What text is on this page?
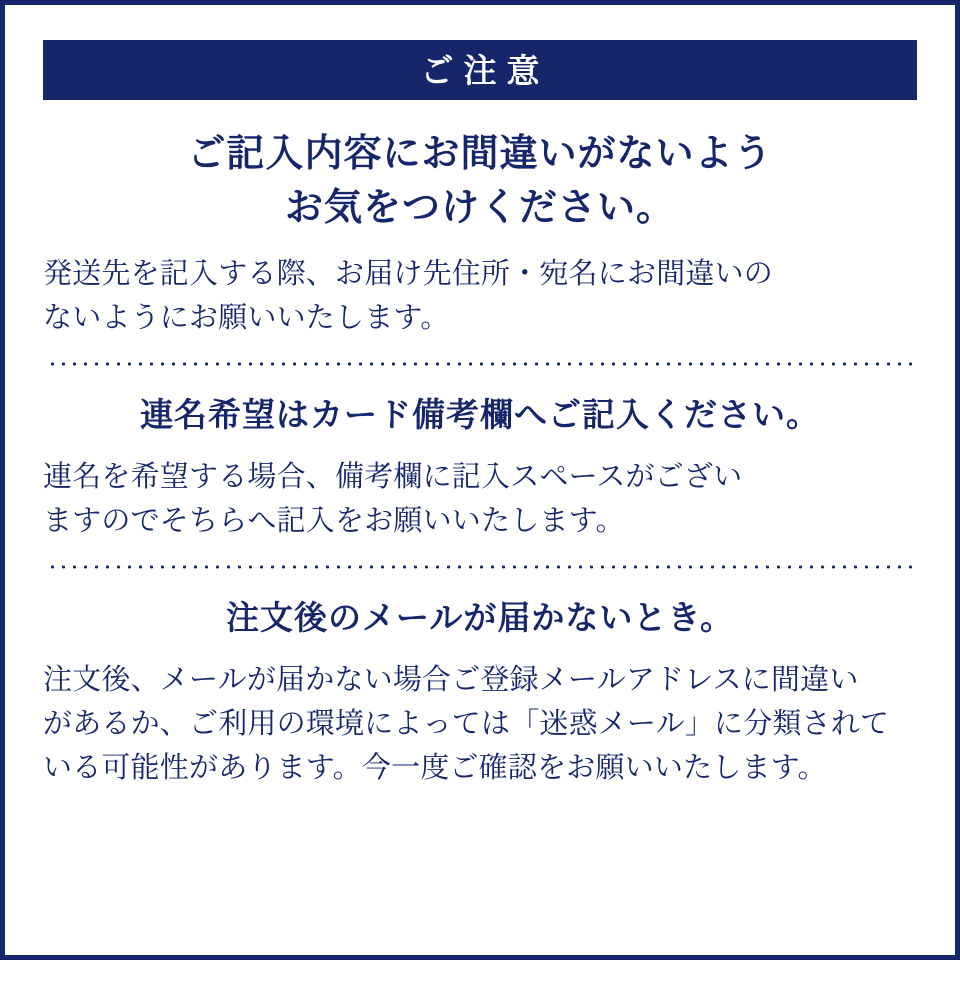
ご注意
ご記入内容にお間違いがないよう
お気をつけください。
発送先を記入する際、お届け先住所・宛名にお間違いの
ないようにお願いいたします。
連名希望はカード備考欄へご記入ください。
連名を希望する場合、備考欄に記入スペースがござい
ますのでそちらへ記入をお願いいたします。
注文後のメールが届かないとき。
注文後、メールが届かない場合ご登録メールアドレスに間違い
があるか、ご利用の環境によっては「迷惑メール」に分類されて
いる可能性があります。今一度ご確認をお願いいたします。
